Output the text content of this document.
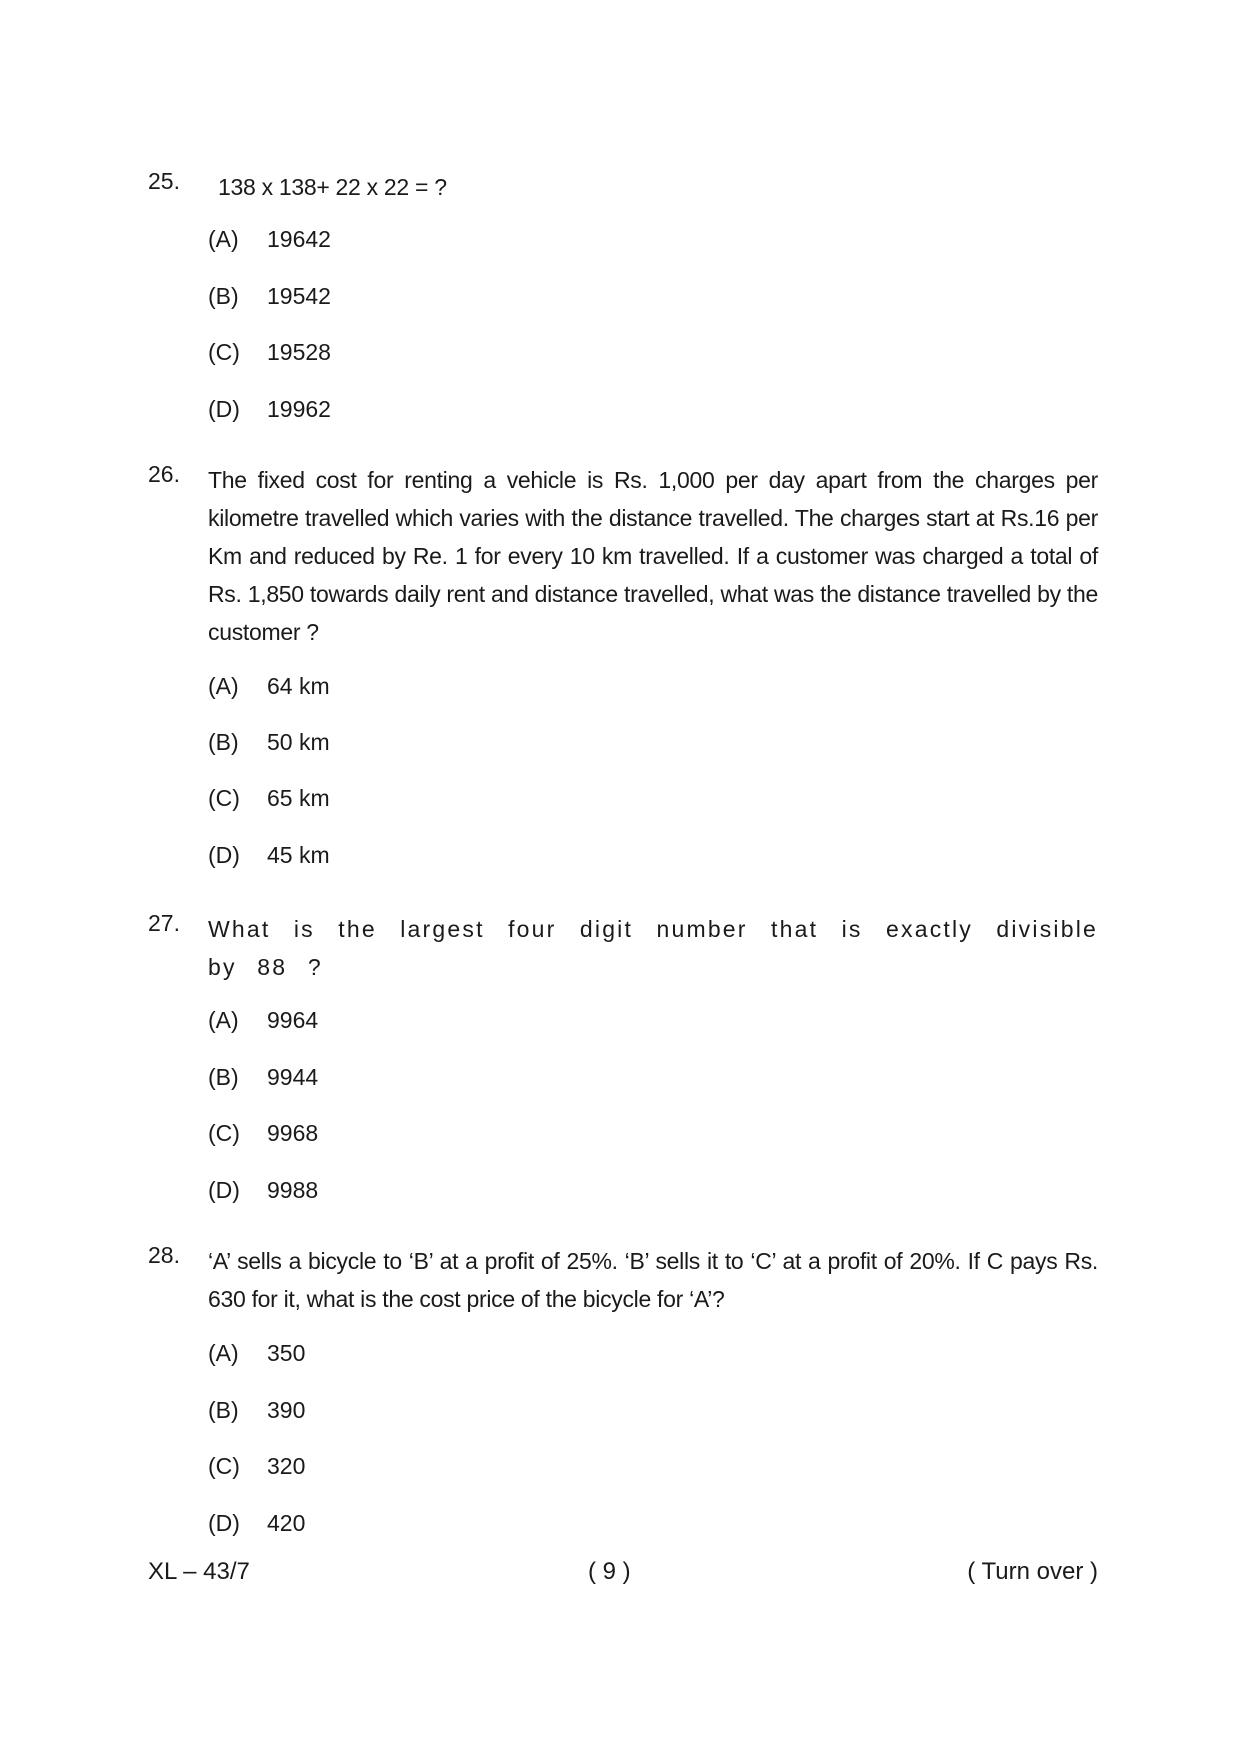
25. 138 x 138+ 22 x 22 = ?
(A) 19642
(B) 19542
(C) 19528
(D) 19962
26. The fixed cost for renting a vehicle is Rs. 1,000 per day apart from the charges per kilometre travelled which varies with the distance travelled. The charges start at Rs.16 per Km and reduced by Re. 1 for every 10 km travelled. If a customer was charged a total of Rs. 1,850 towards daily rent and distance travelled, what was the distance travelled by the customer ?
(A) 64 km
(B) 50 km
(C) 65 km
(D) 45 km
27. What is the largest four digit number that is exactly divisible by 88 ?
(A) 9964
(B) 9944
(C) 9968
(D) 9988
28. ‘A’ sells a bicycle to ‘B’ at a profit of 25%. ‘B’ sells it to ‘C’ at a profit of 20%. If C pays Rs. 630 for it, what is the cost price of the bicycle for ‘A’?
(A) 350
(B) 390
(C) 320
(D) 420
XL – 43/7	( 9 )	( Turn over )
